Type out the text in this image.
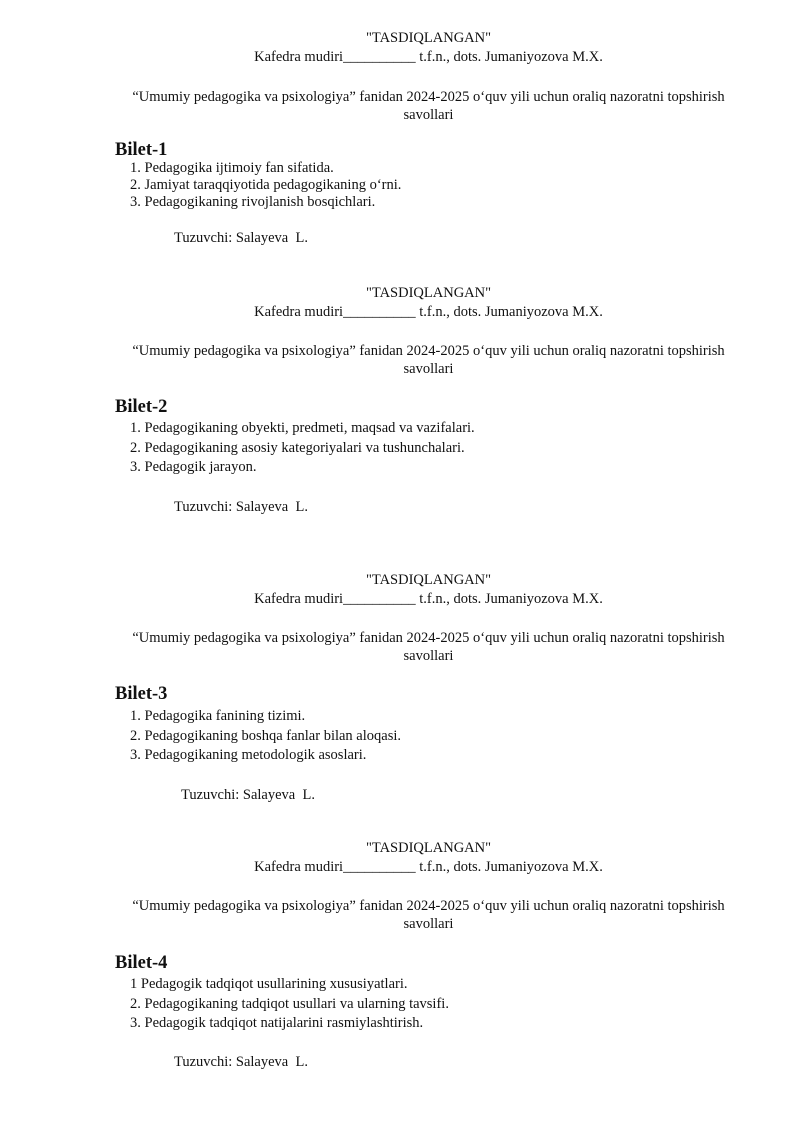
"TASDIQLANGAN"
Kafedra mudiri__________ t.f.n., dots. Jumaniyozova M.X.
“Umumiy pedagogika va psixologiya” fanidan 2024-2025 o‘quv yili uchun oraliq nazoratni topshirish savollari
Bilet-1
1. Pedagogika ijtimoiy fan sifatida.
2. Jamiyat taraqqiyotida pedagogikaning o‘rni.
3. Pedagogikaning rivojlanish bosqichlari.
Tuzuvchi: Salayeva  L.
"TASDIQLANGAN"
Kafedra mudiri__________ t.f.n., dots. Jumaniyozova M.X.
“Umumiy pedagogika va psixologiya” fanidan 2024-2025 o‘quv yili uchun oraliq nazoratni topshirish savollari
Bilet-2
1. Pedagogikaning obyekti, predmeti, maqsad va vazifalari.
2. Pedagogikaning asosiy kategoriyalari va tushunchalari.
3. Pedagogik jarayon.
Tuzuvchi: Salayeva  L.
"TASDIQLANGAN"
Kafedra mudiri__________ t.f.n., dots. Jumaniyozova M.X.
“Umumiy pedagogika va psixologiya” fanidan 2024-2025 o‘quv yili uchun oraliq nazoratni topshirish savollari
Bilet-3
1. Pedagogika fanining tizimi.
2. Pedagogikaning boshqa fanlar bilan aloqasi.
3. Pedagogikaning metodologik asoslari.
Tuzuvchi: Salayeva  L.
"TASDIQLANGAN"
Kafedra mudiri__________ t.f.n., dots. Jumaniyozova M.X.
“Umumiy pedagogika va psixologiya” fanidan 2024-2025 o‘quv yili uchun oraliq nazoratni topshirish savollari
Bilet-4
1 Pedagogik tadqiqot usullarining xususiyatlari.
2. Pedagogikaning tadqiqot usullari va ularning tavsifi.
3. Pedagogik tadqiqot natijalarini rasmiylashtirish.
Tuzuvchi: Salayeva  L.
